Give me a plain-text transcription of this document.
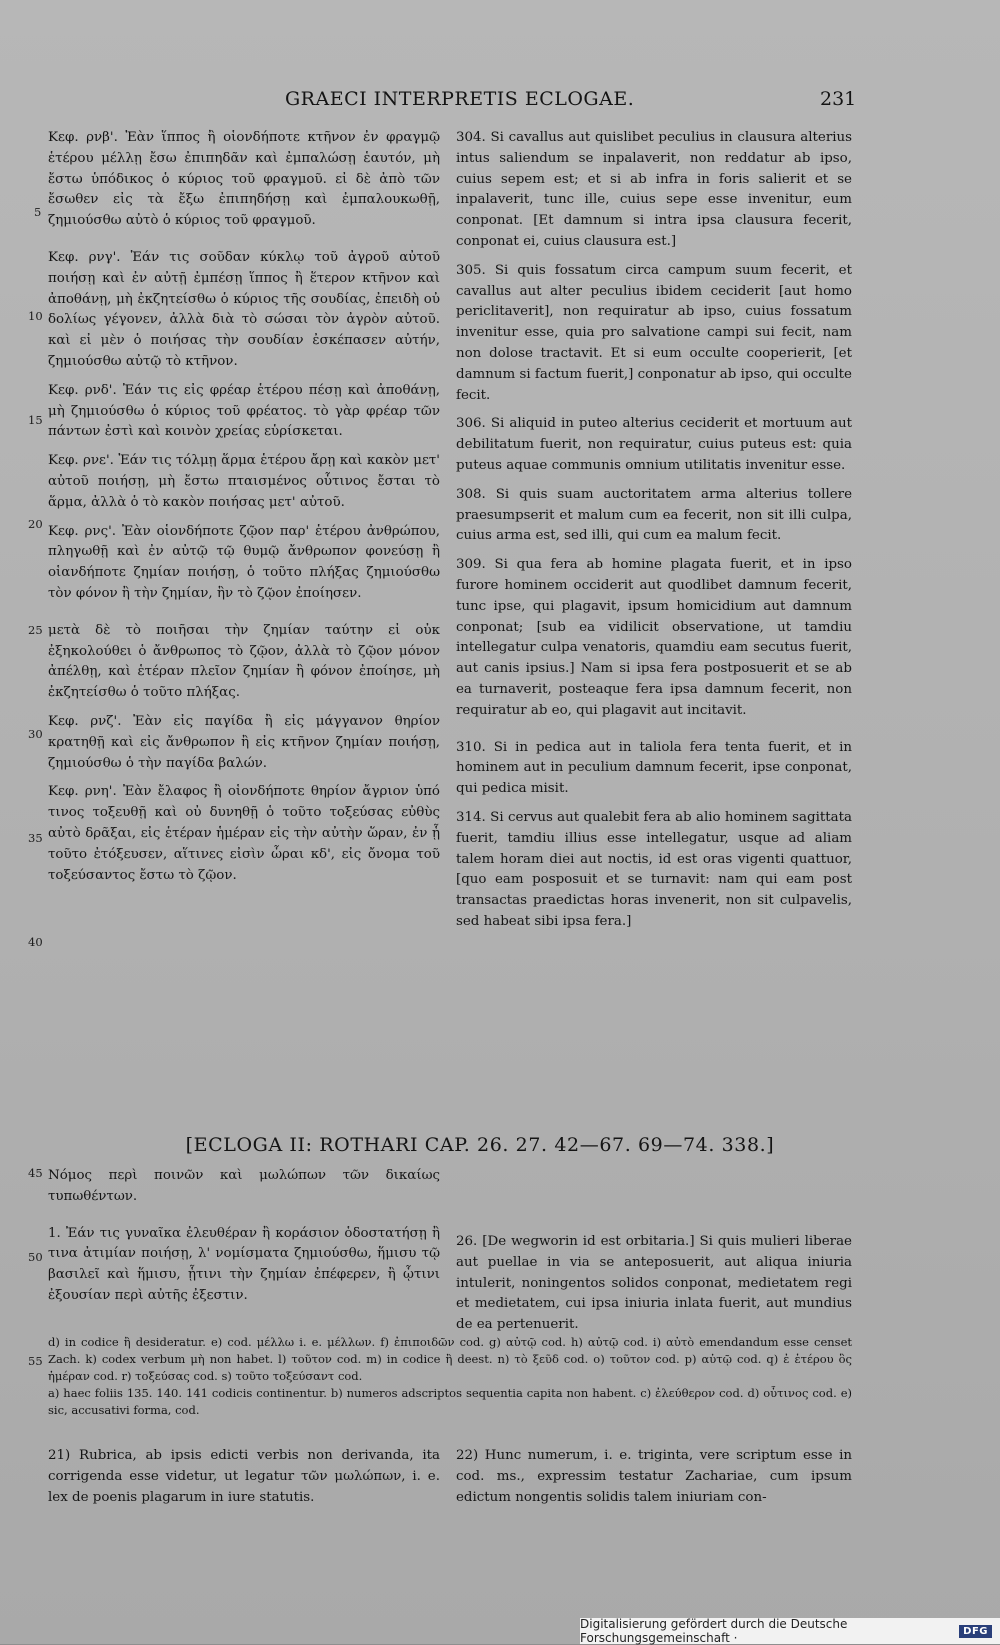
GRAECI INTERPRETIS ECLOGAE.	231
5
10
15
20
25
30
35
40
45
50
55

Κεφ. ρνβ'. Ἐὰν ἵππος ἢ οἱονδήποτε κτῆνον ἐν φραγμῷ ἑτέρου μέλλῃ ἔσω ἐπιπηδᾶν καὶ ἐμπαλώσῃ ἑαυτόν, μὴ ἔστω ὑπόδικος ὁ κύριος τοῦ φραγμοῦ. εἰ δὲ ἀπὸ τῶν ἔσωθεν εἰς τὰ ἔξω ἐπιπηδήσῃ καὶ ἐμπαλουκωθῇ, ζημιούσθω αὐτὸ ὁ κύριος τοῦ φραγμοῦ.

Κεφ. ρνγ'. Ἐάν τις σοῦδαν κύκλῳ τοῦ ἀγροῦ αὐτοῦ ποιήσῃ καὶ ἐν αὐτῇ ἐμπέσῃ ἵππος ἢ ἕτερον κτῆνον καὶ ἀποθάνῃ, μὴ ἐκζητείσθω ὁ κύριος τῆς σουδίας, ἐπειδὴ οὐ δολίως γέγονεν, ἀλλὰ διὰ τὸ σώσαι τὸν ἀγρὸν αὐτοῦ. καὶ εἰ μὲν ὁ ποιήσας τὴν σουδίαν ἐσκέπασεν αὐτήν, ζημιούσθω αὐτῷ τὸ κτῆνον.

Κεφ. ρνδ'. Ἐάν τις εἰς φρέαρ ἑτέρου πέσῃ καὶ ἀποθάνῃ, μὴ ζημιούσθω ὁ κύριος τοῦ φρέατος. τὸ γὰρ φρέαρ τῶν πάντων ἐστὶ καὶ κοινὸν χρείας εὑρίσκεται.

Κεφ. ρνε'. Ἐάν τις τόλμῃ ἅρμα ἑτέρου ἄρῃ καὶ κακὸν μετ' αὐτοῦ ποιήσῃ, μὴ ἔστω πταισμένος οὗτινος ἔσται τὸ ἅρμα, ἀλλὰ ὁ τὸ κακὸν ποιήσας μετ' αὐτοῦ.

Κεφ. ρνς'. Ἐὰν οἱονδήποτε ζῷον παρ' ἑτέρου ἀνθρώπου, πληγωθῇ καὶ ἐν αὐτῷ τῷ θυμῷ ἄνθρωπον φονεύσῃ ἢ οἱανδήποτε ζημίαν ποιήσῃ, ὁ τοῦτο πλήξας ζημιούσθω τὸν φόνον ἢ τὴν ζημίαν, ἣν τὸ ζῷον ἐποίησεν.

μετὰ δὲ τὸ ποιῆσαι τὴν ζημίαν ταύτην εἰ οὐκ ἐξηκολούθει ὁ ἄνθρωπος τὸ ζῷον, ἀλλὰ τὸ ζῷον μόνον ἀπέλθῃ, καὶ ἑτέραν πλεῖον ζημίαν ἢ φόνον ἐποίησε, μὴ ἐκζητείσθω ὁ τοῦτο πλήξας.

Κεφ. ρνζ'. Ἐὰν εἰς παγίδα ἢ εἰς μάγγανον θηρίον κρατηθῇ καὶ εἰς ἄνθρωπον ἢ εἰς κτῆνον ζημίαν ποιήσῃ, ζημιούσθω ὁ τὴν παγίδα βαλών.

Κεφ. ρνη'. Ἐὰν ἔλαφος ἢ οἱονδήποτε θηρίον ἄγριον ὑπό τινος τοξευθῇ καὶ οὐ δυνηθῇ ὁ τοῦτο τοξεύσας εὐθὺς αὐτὸ δρᾶξαι, εἰς ἑτέραν ἡμέραν εἰς τὴν αὐτὴν ὥραν, ἐν ᾗ τοῦτο ἐτόξευσεν, αἵτινες εἰσὶν ὧραι κδ', εἰς ὄνομα τοῦ τοξεύσαντος ἔστω τὸ ζῷον.

304. Si cavallus aut quislibet peculius in clausura alterius intus saliendum se inpalaverit, non reddatur ab ipso, cuius sepem est; et si ab infra in foris salierit et se inpalaverit, tunc ille, cuius sepe esse invenitur, eum conponat. [Et damnum si intra ipsa clausura fecerit, conponat ei, cuius clausura est.]

305. Si quis fossatum circa campum suum fecerit, et cavallus aut alter peculius ibidem ceciderit [aut homo periclitaverit], non requiratur ab ipso, cuius fossatum invenitur esse, quia pro salvatione campi sui fecit, nam non dolose tractavit. Et si eum occulte cooperierit, [et damnum si factum fuerit,] conponatur ab ipso, qui occulte fecit.

306. Si aliquid in puteo alterius ceciderit et mortuum aut debilitatum fuerit, non requiratur, cuius puteus est: quia puteus aquae communis omnium utilitatis invenitur esse.

308. Si quis suam auctoritatem arma alterius tollere praesumpserit et malum cum ea fecerit, non sit illi culpa, cuius arma est, sed illi, qui cum ea malum fecit.

309. Si qua fera ab homine plagata fuerit, et in ipso furore hominem occiderit aut quodlibet damnum fecerit, tunc ipse, qui plagavit, ipsum homicidium aut damnum conponat; [sub ea vidilicit observatione, ut tamdiu intellegatur culpa venatoris, quamdiu eam secutus fuerit, aut canis ipsius.] Nam si ipsa fera postposuerit et se ab ea turnaverit, posteaque fera ipsa damnum fecerit, non requiratur ab eo, qui plagavit aut incitavit.

310. Si in pedica aut in taliola fera tenta fuerit, et in hominem aut in peculium damnum fecerit, ipse conponat, qui pedica misit.

314. Si cervus aut qualebit fera ab alio hominem sagittata fuerit, tamdiu illius esse intellegatur, usque ad aliam talem horam diei aut noctis, id est oras vigenti quattuor, [quo eam posposuit et se turnavit: nam qui eam post transactas praedictas horas invenerit, non sit culpavelis, sed habeat sibi ipsa fera.]

[ECLOGA II: ROTHARI CAP. 26. 27. 42—67. 69—74. 338.]

Νόμος περὶ ποινῶν καὶ μωλώπων τῶν δικαίως τυπωθέντων.

1. Ἐάν τις γυναῖκα ἐλευθέραν ἢ κοράσιον ὁδοστατήσῃ ἢ τινα ἀτιμίαν ποιήσῃ, λ' νομίσματα ζημιούσθω, ἥμισυ τῷ βασιλεῖ καὶ ἥμισυ, ᾗτινι τὴν ζημίαν ἐπέφερεν, ἢ ᾧτινι ἐξουσίαν περὶ αὐτῆς ἐξεστιν.

26. [De wegworin id est orbitaria.] Si quis mulieri liberae aut puellae in via se anteposuerit, aut aliqua iniuria intulerit, noningentos solidos conponat, medietatem regi et medietatem, cui ipsa iniuria inlata fuerit, aut mundius de ea pertenuerit.

d) in codice ἢ desideratur. e) cod. μέλλω i. e. μέλλων. f) ἐπιποιδῶν cod. g) αὐτῷ cod. h) αὐτῷ cod. i) αὐτὸ emendandum esse censet Zach. k) codex verbum μὴ non habet. l) τοῦτον cod. m) in codice ἢ deest. n) τὸ ξεῦδ cod. o) τοῦτον cod. p) αὐτῷ cod. q) ἐ ἑτέρου ὃς ἡμέραν cod. r) τοξεύσας cod. s) τοῦτο τοξεύσαντ cod.

a) haec foliis 135. 140. 141 codicis continentur. b) numeros adscriptos sequentia capita non habent. c) ἐλεύθερον cod. d) οὗτινος cod. e) sic, accusativi forma, cod.

21) Rubrica, ab ipsis edicti verbis non derivanda, ita corrigenda esse videtur, ut legatur τῶν μωλώπων, i. e. lex de poenis plagarum in iure statutis.
22) Hunc numerum, i. e. triginta, vere scriptum esse in cod. ms., expressim testatur Zachariae, cum ipsum edictum nongentis solidis talem iniuriam con-
Digitalisierung gefördert durch die Deutsche Forschungsgemeinschaft ·	DFG
